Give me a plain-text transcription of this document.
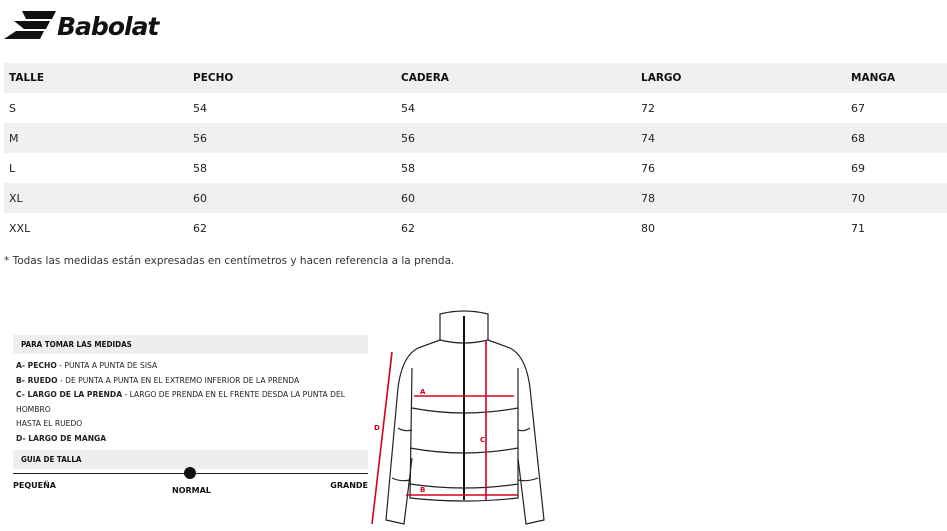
Babolat
TALLE	PECHO	CADERA	LARGO	MANGA
S	54	54	72	67
M	56	56	74	68
L	58	58	76	69
XL	60	60	78	70
XXL	62	62	80	71
* Todas las medidas están expresadas en centímetros y hacen referencia a la prenda.
PARA TOMAR LAS MEDIDAS
A- PECHO - PUNTA A PUNTA DE SISA
B- RUEDO - DE PUNTA A PUNTA EN EL EXTREMO INFERIOR DE LA PRENDA
C- LARGO DE LA PRENDA - LARGO DE PRENDA EN EL FRENTE DESDA LA PUNTA DEL HOMBRO
HASTA EL RUEDO
D- LARGO DE MANGA
GUIA DE TALLA
PEQUEÑA
NORMAL
GRANDE
A
B
C
D
